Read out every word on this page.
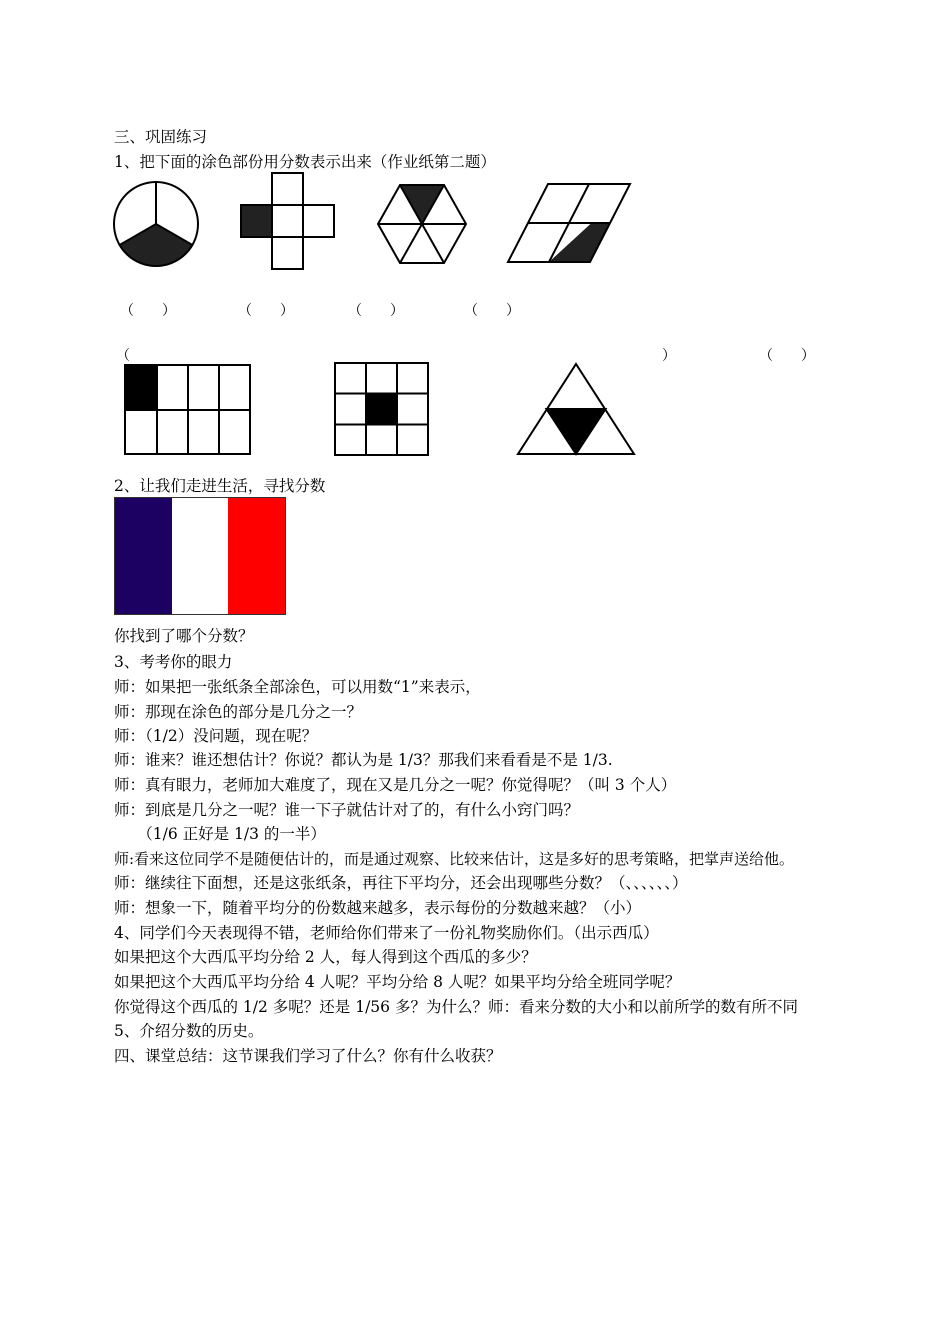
三、巩固练习
1、把下面的涂色部份用分数表示出来（作业纸第二题）
（　　）	（　　）	（　　）	（　　）
（	）	（　　）
2、让我们走进生活，寻找分数
你找到了哪个分数？
3、考考你的眼力
师：如果把一张纸条全部涂色，可以用数“1”来表示，
师：那现在涂色的部分是几分之一？
师：（1/2）没问题，现在呢？
师：谁来？谁还想估计？你说？都认为是 1/3？那我们来看看是不是 1/3.
师：真有眼力，老师加大难度了，现在又是几分之一呢？你觉得呢？（叫 3 个人）
师：到底是几分之一呢？谁一下子就估计对了的，有什么小窍门吗？
　　（1/6 正好是 1/3 的一半）
师:看来这位同学不是随便估计的，而是通过观察、比较来估计，这是多好的思考策略，把掌声送给他。
师：继续往下面想，还是这张纸条，再往下平均分，还会出现哪些分数？（、、、、、、）
师：想象一下，随着平均分的份数越来越多，表示每份的分数越来越？（小）
4、同学们今天表现得不错，老师给你们带来了一份礼物奖励你们。（出示西瓜）
如果把这个大西瓜平均分给 2 人，每人得到这个西瓜的多少？
如果把这个大西瓜平均分给 4 人呢？平均分给 8 人呢？如果平均分给全班同学呢？
你觉得这个西瓜的 1/2 多呢？还是 1/56 多？为什么？师：看来分数的大小和以前所学的数有所不同
5、介绍分数的历史。
四、课堂总结：这节课我们学习了什么？你有什么收获？
